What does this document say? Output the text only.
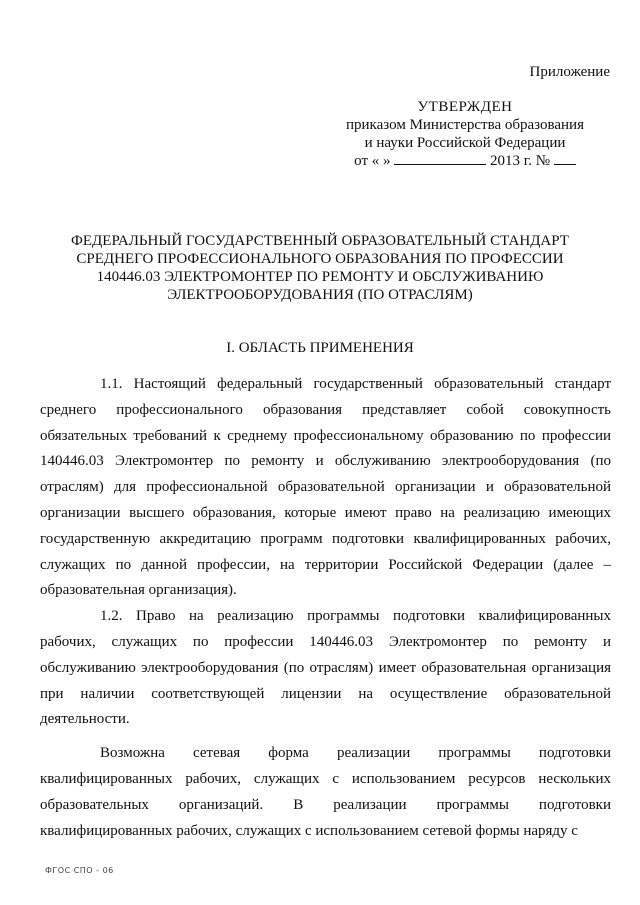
Приложение
УТВЕРЖДЕН
приказом Министерства образования
и науки Российской Федерации
от « »	2013 г. №
ФЕДЕРАЛЬНЫЙ ГОСУДАРСТВЕННЫЙ ОБРАЗОВАТЕЛЬНЫЙ СТАНДАРТ
СРЕДНЕГО ПРОФЕССИОНАЛЬНОГО ОБРАЗОВАНИЯ ПО ПРОФЕССИИ
140446.03 ЭЛЕКТРОМОНТЕР ПО РЕМОНТУ И ОБСЛУЖИВАНИЮ
ЭЛЕКТРООБОРУДОВАНИЯ (ПО ОТРАСЛЯМ)
I. ОБЛАСТЬ ПРИМЕНЕНИЯ

1.1. Настоящий федеральный государственный образовательный стандарт среднего профессионального образования представляет собой совокупность обязательных требований к среднему профессиональному образованию по профессии 140446.03 Электромонтер по ремонту и обслуживанию электрооборудования (по отраслям) для профессиональной образовательной организации и образовательной организации высшего образования, которые имеют право на реализацию имеющих государственную аккредитацию программ подготовки квалифицированных рабочих, служащих по данной профессии, на территории Российской Федерации (далее – образовательная организация).

1.2. Право на реализацию программы подготовки квалифицированных рабочих, служащих по профессии 140446.03 Электромонтер по ремонту и обслуживанию электрооборудования (по отраслям) имеет образовательная организация при наличии соответствующей лицензии на осуществление образовательной деятельности.

Возможна сетевая форма реализации программы подготовки квалифицированных рабочих, служащих с использованием ресурсов нескольких образовательных организаций. В реализации программы подготовки квалифицированных рабочих, служащих с использованием сетевой формы наряду с

ФГОС СПО - 06
